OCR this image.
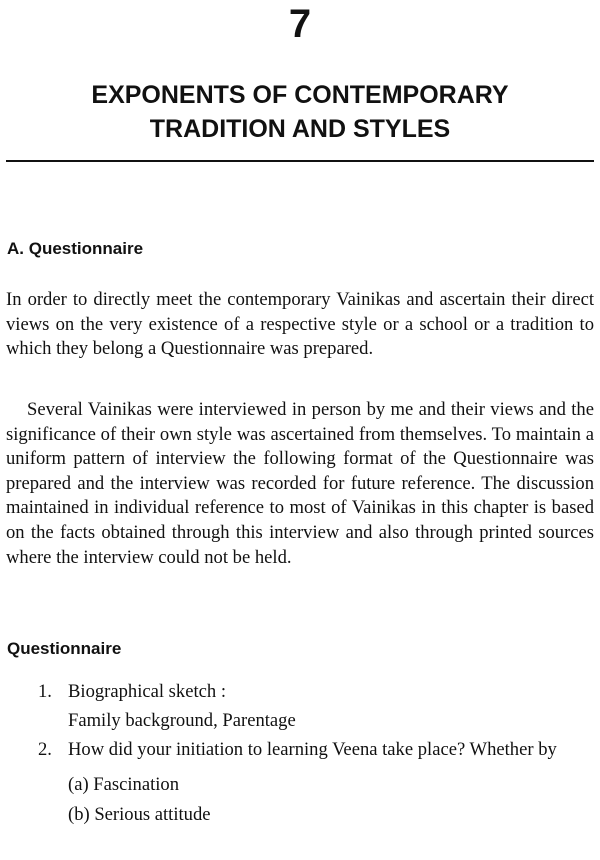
7
EXPONENTS OF CONTEMPORARY
TRADITION AND STYLES
A. Questionnaire

In order to directly meet the contemporary Vainikas and ascertain their direct views on the very existence of a respective style or a school or a tradition to which they belong a Questionnaire was prepared.

Several Vainikas were interviewed in person by me and their views and the significance of their own style was ascertained from themselves. To maintain a uniform pattern of interview the following format of the Questionnaire was prepared and the interview was recorded for future reference. The discussion maintained in individual reference to most of Vainikas in this chapter is based on the facts obtained through this interview and also through printed sources where the interview could not be held.

Questionnaire
1. Biographical sketch :
Family background, Parentage
2. How did your initiation to learning Veena take place? Whether by
(a) Fascination
(b) Serious attitude
